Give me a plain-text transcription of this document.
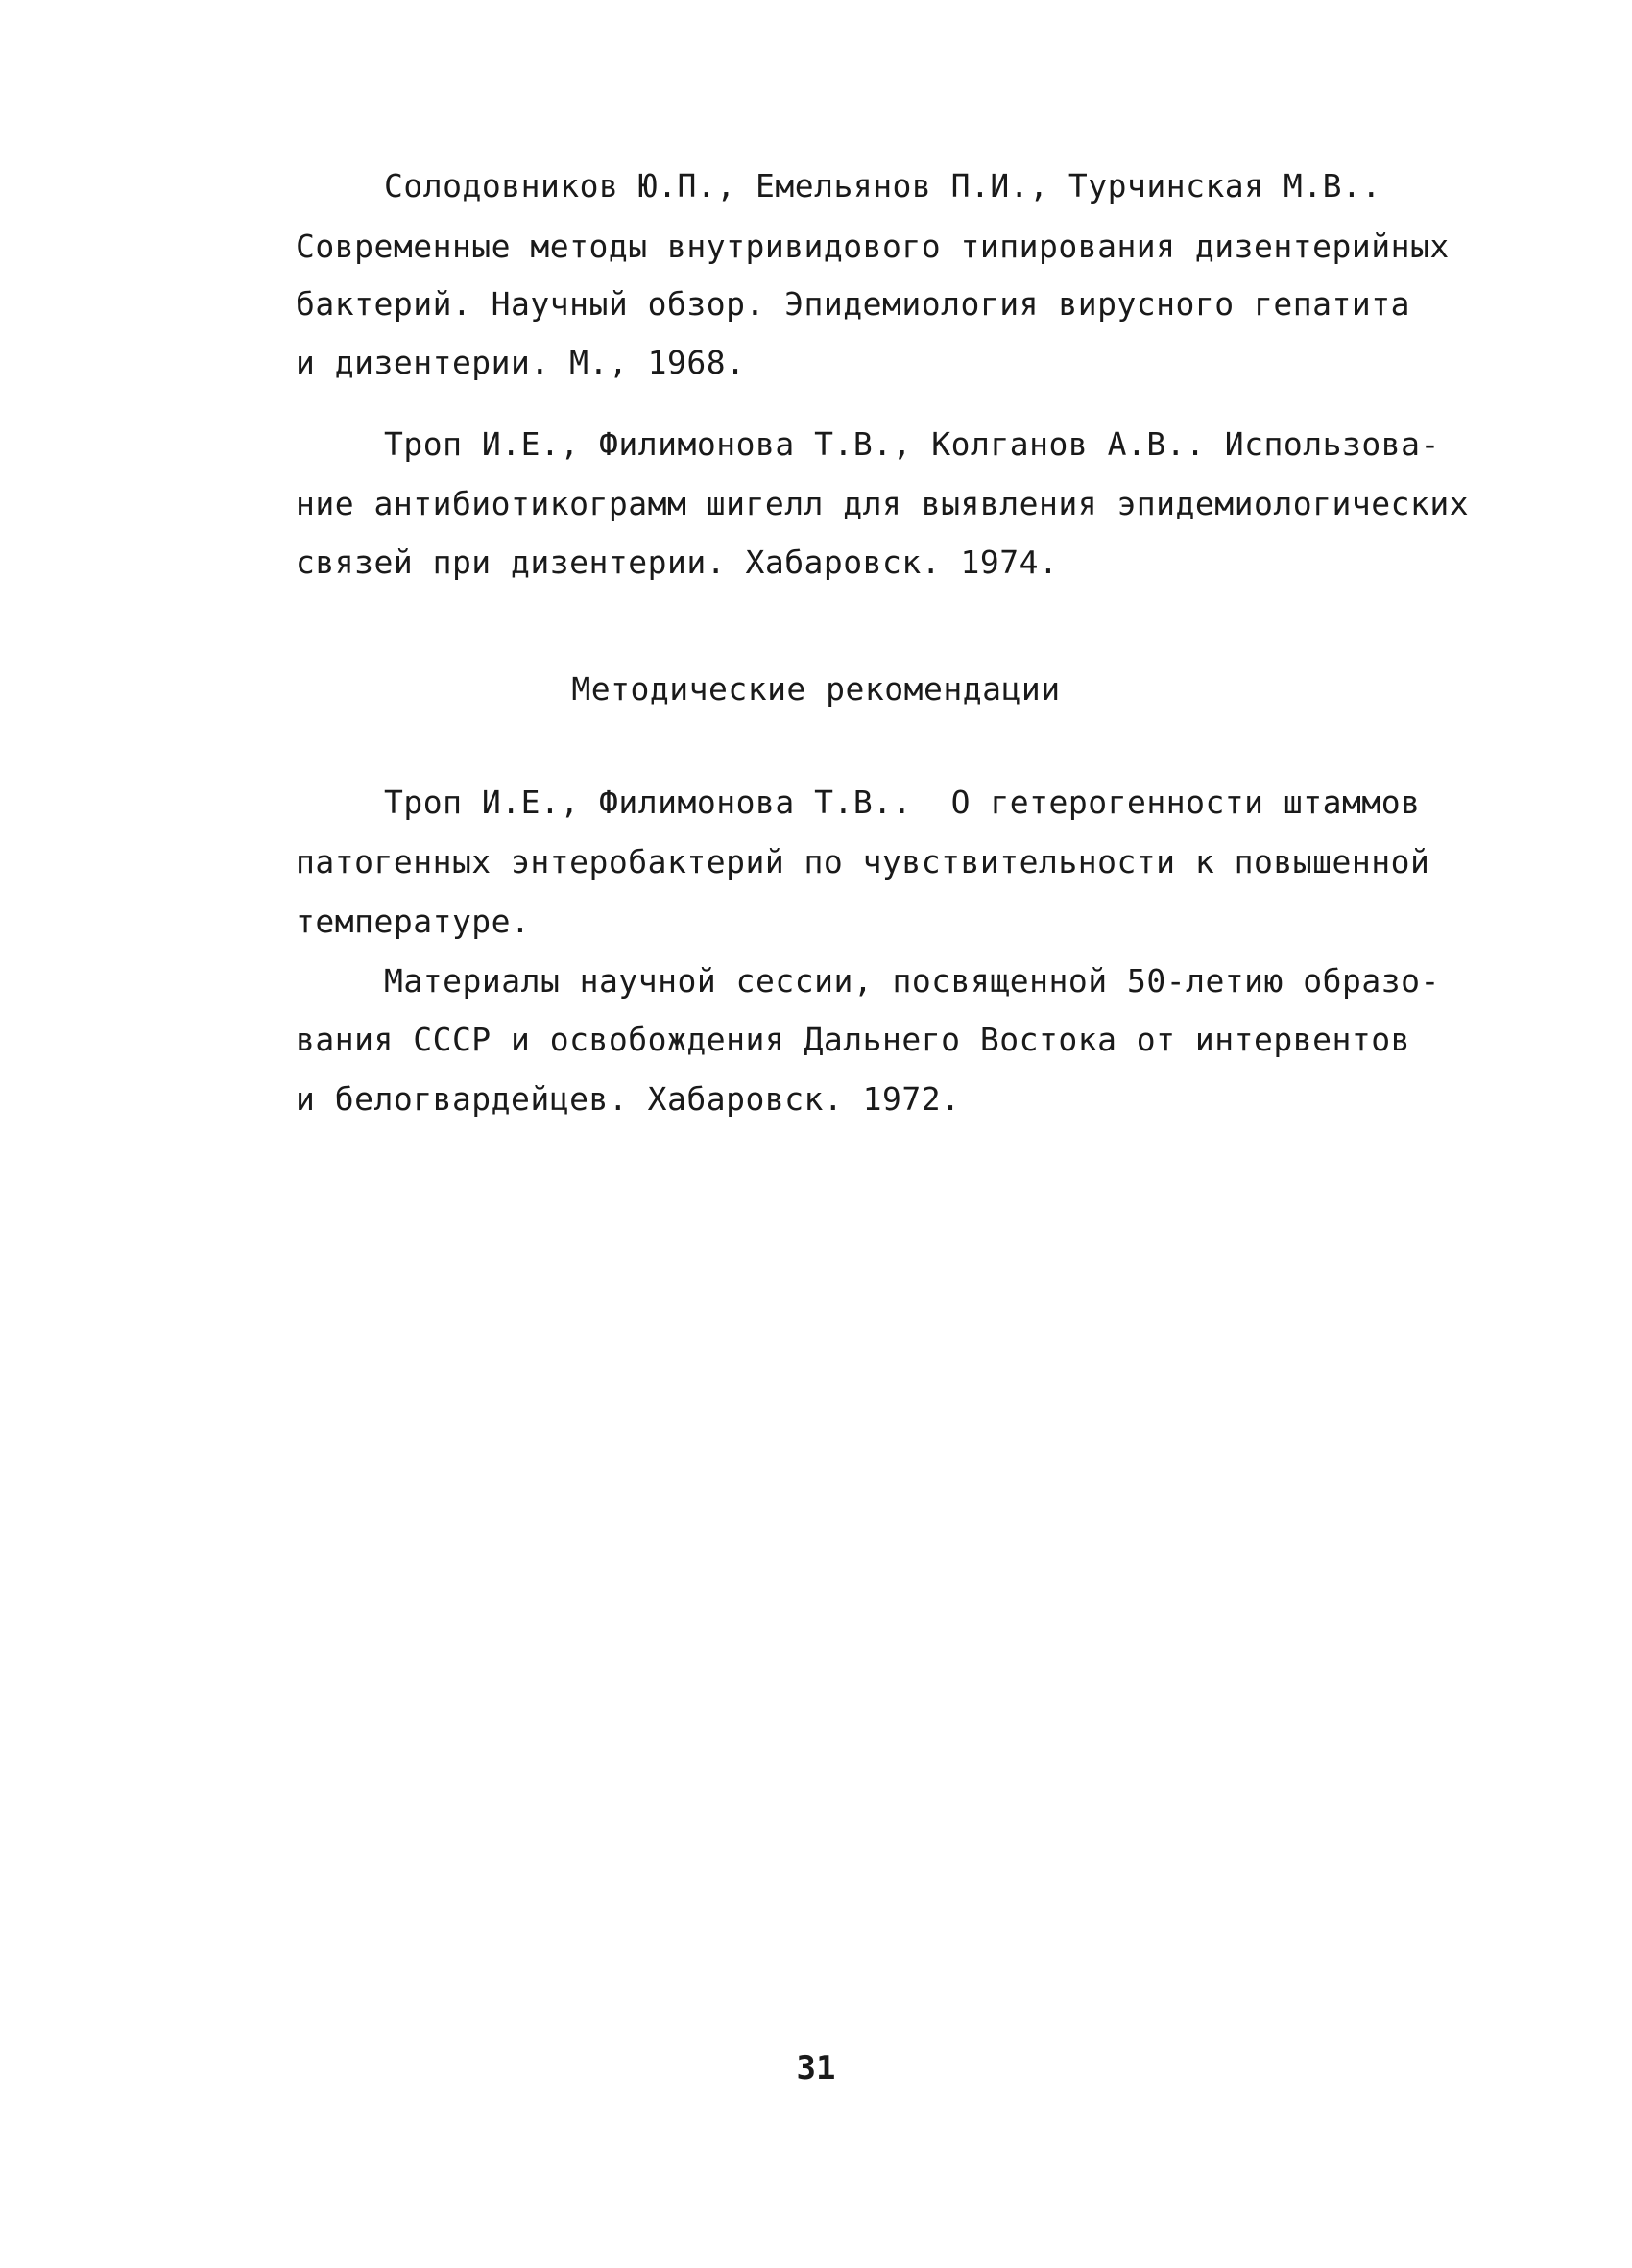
Солодовников Ю.П., Емельянов П.И., Турчинская М.В..
Современные методы внутривидового типирования дизентерийных
бактерий. Научный обзор. Эпидемиология вирусного гепатита
и дизентерии. М., 1968.
Троп И.Е., Филимонова Т.В., Колганов А.В.. Использова-
ние антибиотикограмм шигелл для выявления эпидемиологических
связей при дизентерии. Хабаровск. 1974.
Методические рекомендации
Троп И.Е., Филимонова Т.В..  О гетерогенности штаммов
патогенных энтеробактерий по чувствительности к повышенной
температуре.
Материалы научной сессии, посвященной 50-летию образо-
вания СССР и освобождения Дальнего Востока от интервентов
и белогвардейцев. Хабаровск. 1972.
31
